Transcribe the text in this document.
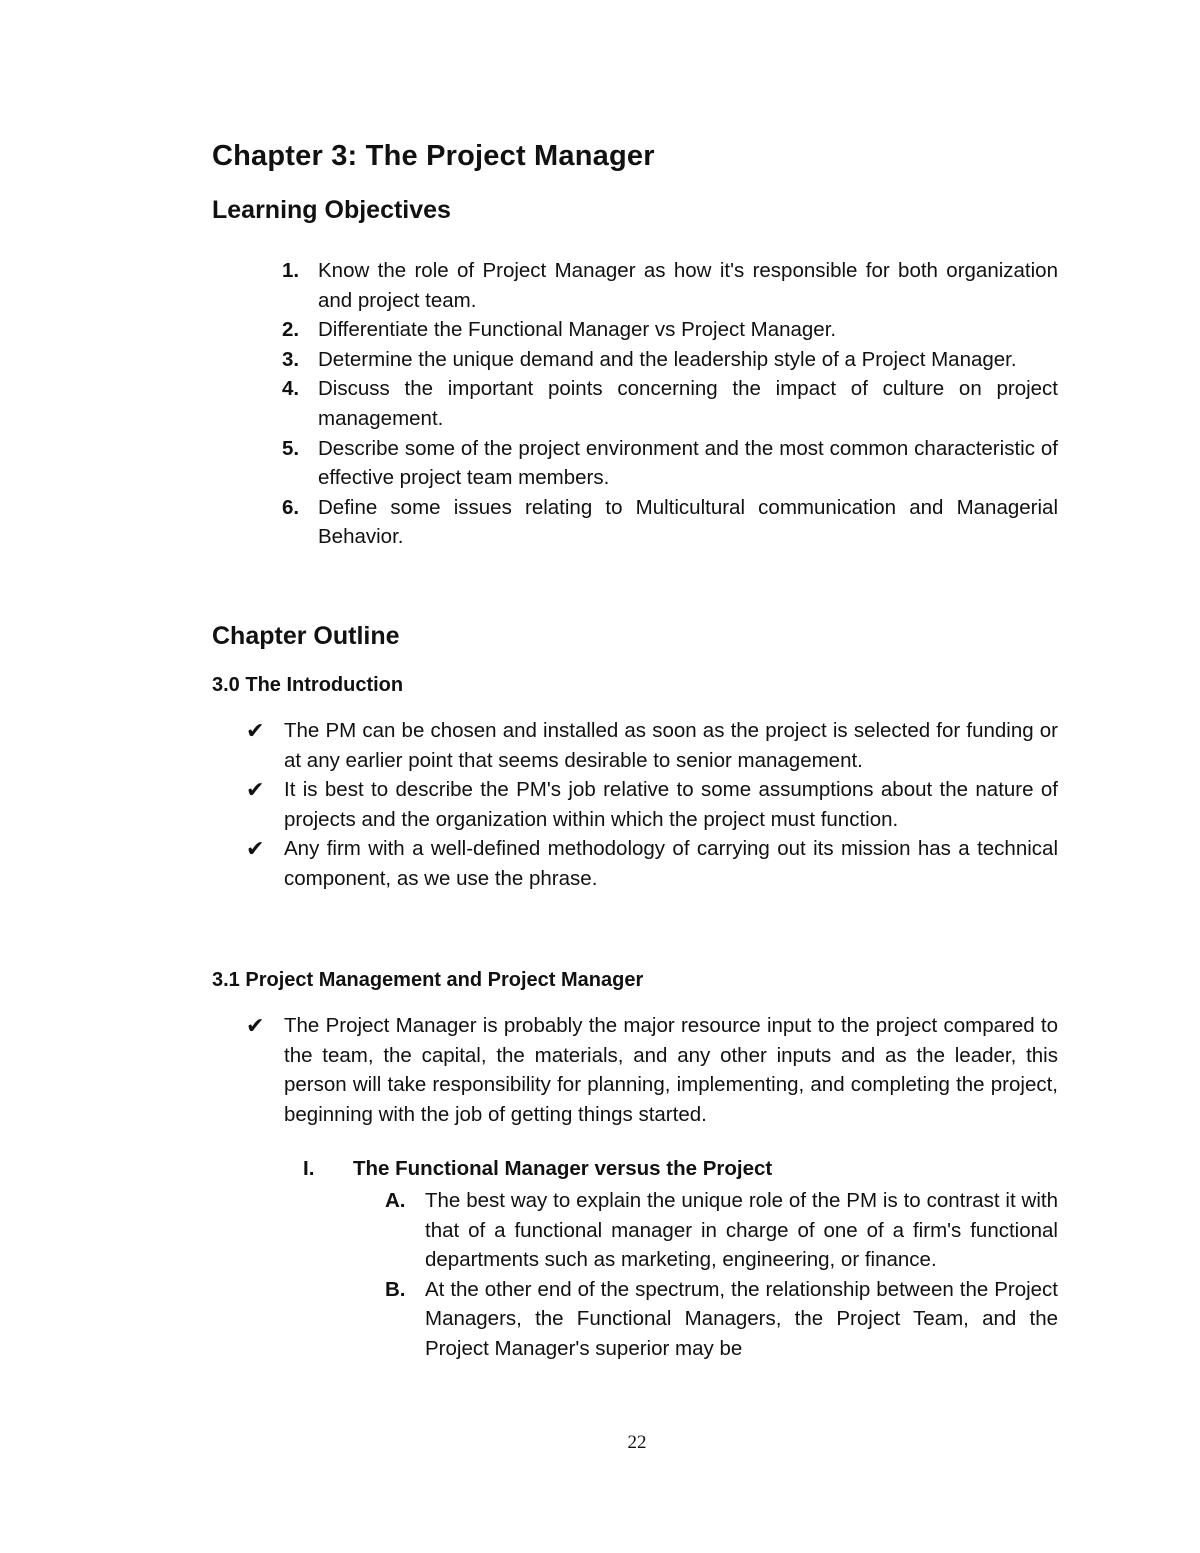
Chapter 3: The Project Manager
Learning Objectives
1. Know the role of Project Manager as how it's responsible for both organization and project team.
2. Differentiate the Functional Manager vs Project Manager.
3. Determine the unique demand and the leadership style of a Project Manager.
4. Discuss the important points concerning the impact of culture on project management.
5. Describe some of the project environment and the most common characteristic of effective project team members.
6. Define some issues relating to Multicultural communication and Managerial Behavior.
Chapter Outline
3.0 The Introduction
✔ The PM can be chosen and installed as soon as the project is selected for funding or at any earlier point that seems desirable to senior management.
✔ It is best to describe the PM's job relative to some assumptions about the nature of projects and the organization within which the project must function.
✔ Any firm with a well-defined methodology of carrying out its mission has a technical component, as we use the phrase.
3.1 Project Management and Project Manager
✔ The Project Manager is probably the major resource input to the project compared to the team, the capital, the materials, and any other inputs and as the leader, this person will take responsibility for planning, implementing, and completing the project, beginning with the job of getting things started.
I. The Functional Manager versus the Project
A. The best way to explain the unique role of the PM is to contrast it with that of a functional manager in charge of one of a firm's functional departments such as marketing, engineering, or finance.
B. At the other end of the spectrum, the relationship between the Project Managers, the Functional Managers, the Project Team, and the Project Manager's superior may be
22
